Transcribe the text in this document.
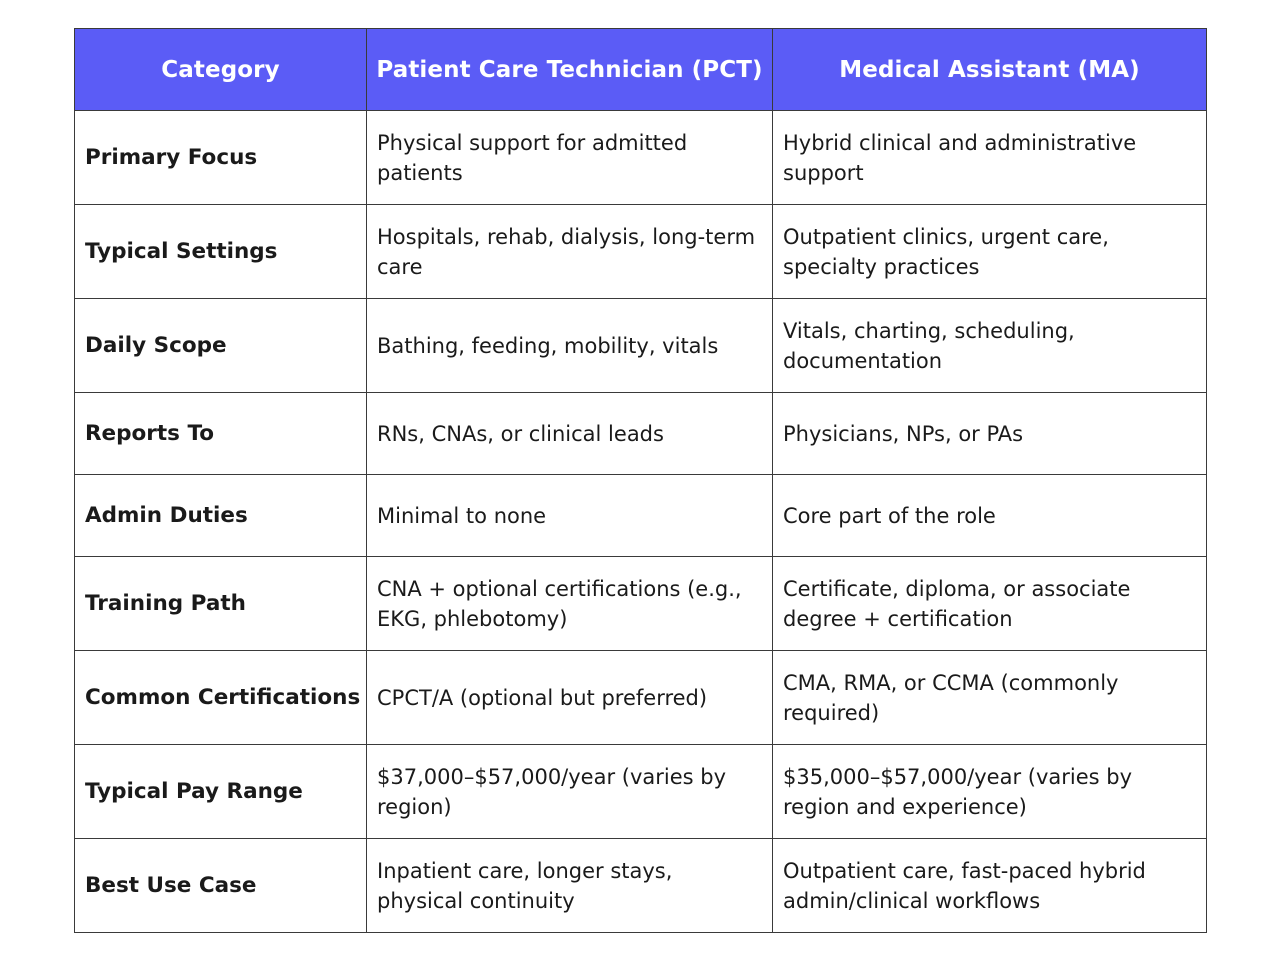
Category	Patient Care Technician (PCT)	Medical Assistant (MA)
Primary Focus	Physical support for admitted patients	Hybrid clinical and administrative support
Typical Settings	Hospitals, rehab, dialysis, long-term care	Outpatient clinics, urgent care, specialty practices
Daily Scope	Bathing, feeding, mobility, vitals	Vitals, charting, scheduling, documentation
Reports To	RNs, CNAs, or clinical leads	Physicians, NPs, or PAs
Admin Duties	Minimal to none	Core part of the role
Training Path	CNA + optional certifications (e.g., EKG, phlebotomy)	Certificate, diploma, or associate degree + certification
Common Certifications	CPCT/A (optional but preferred)	CMA, RMA, or CCMA (commonly required)
Typical Pay Range	$37,000–$57,000/year (varies by region)	$35,000–$57,000/year (varies by region and experience)
Best Use Case	Inpatient care, longer stays, physical continuity	Outpatient care, fast-paced hybrid admin/clinical workflows
